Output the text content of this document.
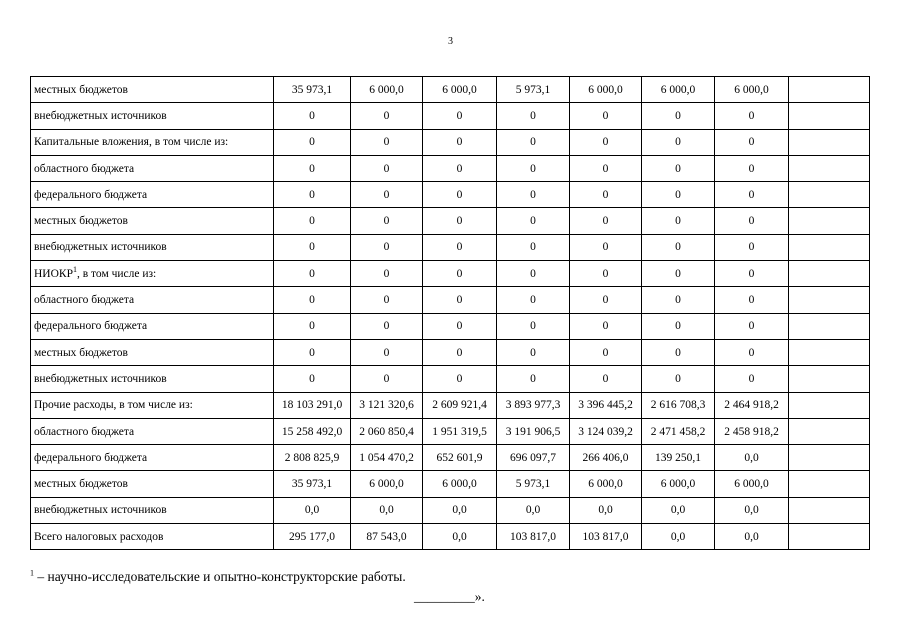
3
местных бюджетов	35 973,1	6 000,0	6 000,0	5 973,1	6 000,0	6 000,0	6 000,0	
внебюджетных источников	0	0	0	0	0	0	0	
Капитальные вложения, в том числе из:	0	0	0	0	0	0	0	
областного бюджета	0	0	0	0	0	0	0	
федерального бюджета	0	0	0	0	0	0	0	
местных бюджетов	0	0	0	0	0	0	0	
внебюджетных источников	0	0	0	0	0	0	0	
НИОКР$^1$, в том числе из:	0	0	0	0	0	0	0	
областного бюджета	0	0	0	0	0	0	0	
федерального бюджета	0	0	0	0	0	0	0	
местных бюджетов	0	0	0	0	0	0	0	
внебюджетных источников	0	0	0	0	0	0	0	
Прочие расходы, в том числе из:	18 103 291,0	3 121 320,6	2 609 921,4	3 893 977,3	3 396 445,2	2 616 708,3	2 464 918,2	
областного бюджета	15 258 492,0	2 060 850,4	1 951 319,5	3 191 906,5	3 124 039,2	2 471 458,2	2 458 918,2	
федерального бюджета	2 808 825,9	1 054 470,2	652 601,9	696 097,7	266 406,0	139 250,1	0,0	
местных бюджетов	35 973,1	6 000,0	6 000,0	5 973,1	6 000,0	6 000,0	6 000,0	
внебюджетных источников	0,0	0,0	0,0	0,0	0,0	0,0	0,0	
Всего налоговых расходов	295 177,0	87 543,0	0,0	103 817,0	103 817,0	0,0	0,0	
$^1$ – научно-исследовательские и опытно-конструкторские работы.
_________».
